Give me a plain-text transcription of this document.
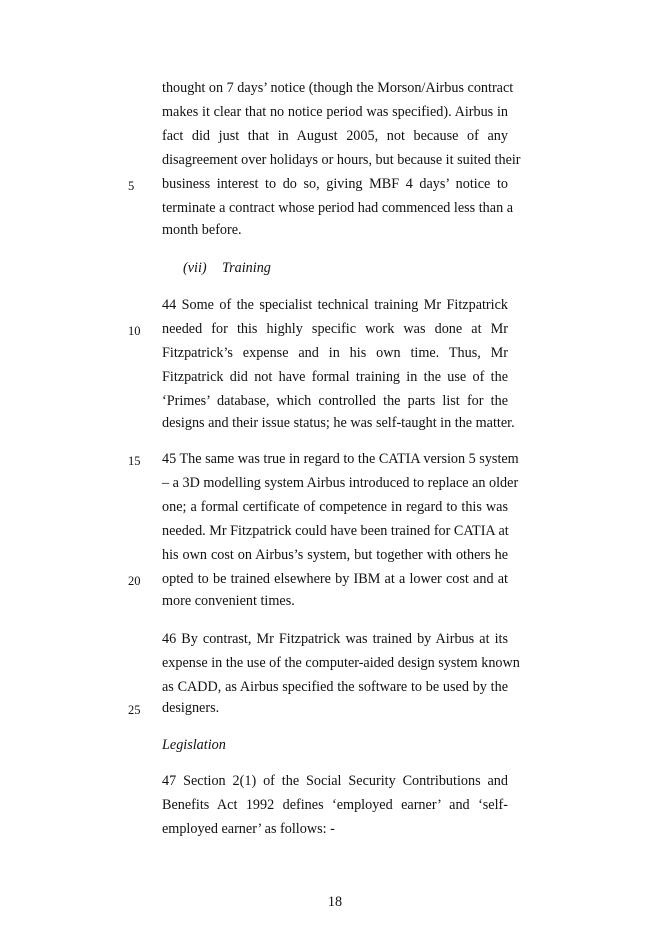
thought on 7 days’ notice (though the Morson/Airbus contract
makes it clear that no notice period was specified). Airbus in
fact did just that in August 2005, not because of any
disagreement over holidays or hours, but because it suited their
business interest to do so, giving MBF 4 days’ notice to
terminate a contract whose period had commenced less than a
month before.
(vii) Training
44 Some of the specialist technical training Mr Fitzpatrick
needed for this highly specific work was done at Mr
Fitzpatrick’s expense and in his own time. Thus, Mr
Fitzpatrick did not have formal training in the use of the
‘Primes’ database, which controlled the parts list for the
designs and their issue status; he was self-taught in the matter.
45 The same was true in regard to the CATIA version 5 system
– a 3D modelling system Airbus introduced to replace an older
one; a formal certificate of competence in regard to this was
needed. Mr Fitzpatrick could have been trained for CATIA at
his own cost on Airbus’s system, but together with others he
opted to be trained elsewhere by IBM at a lower cost and at
more convenient times.
46 By contrast, Mr Fitzpatrick was trained by Airbus at its
expense in the use of the computer-aided design system known
as CADD, as Airbus specified the software to be used by the
designers.
Legislation
47 Section 2(1) of the Social Security Contributions and
Benefits Act 1992 defines ‘employed earner’ and ‘self-
employed earner’ as follows: -
5
10
15
20
25
18
